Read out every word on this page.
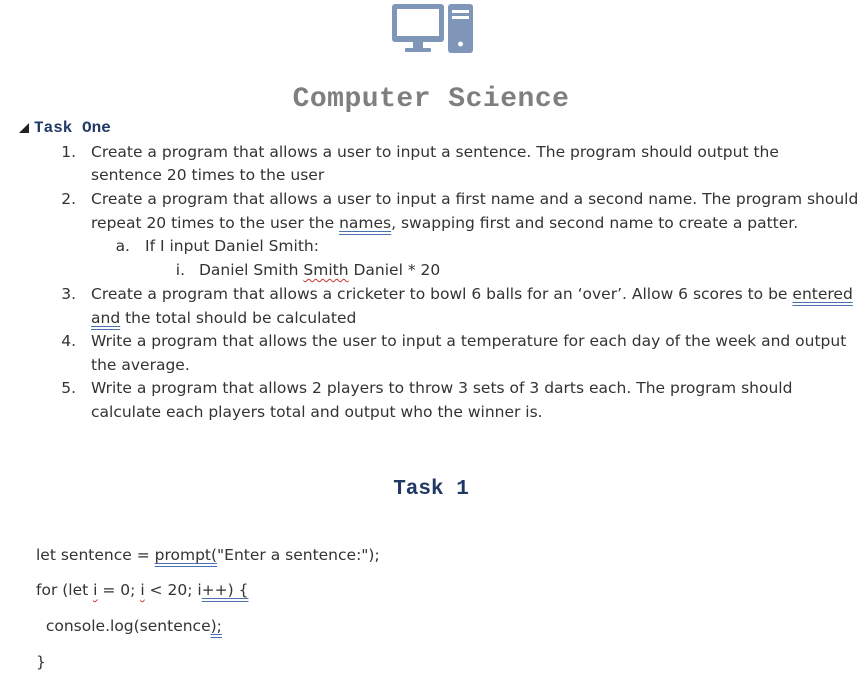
Computer Science
Task One
1. Create a program that allows a user to input a sentence. The program should output the
sentence 20 times to the user
2. Create a program that allows a user to input a first name and a second name. The program should
repeat 20 times to the user the names, swapping first and second name to create a patter.
a. If I input Daniel Smith:
i. Daniel Smith Smith Daniel * 20
3. Create a program that allows a cricketer to bowl 6 balls for an ‘over’. Allow 6 scores to be entered
and the total should be calculated
4. Write a program that allows the user to input a temperature for each day of the week and output
the average.
5. Write a program that allows 2 players to throw 3 sets of 3 darts each. The program should
calculate each players total and output who the winner is.
Task 1
let sentence = prompt("Enter a sentence:");
for (let i = 0; i < 20; i++) {
console.log(sentence);
}
